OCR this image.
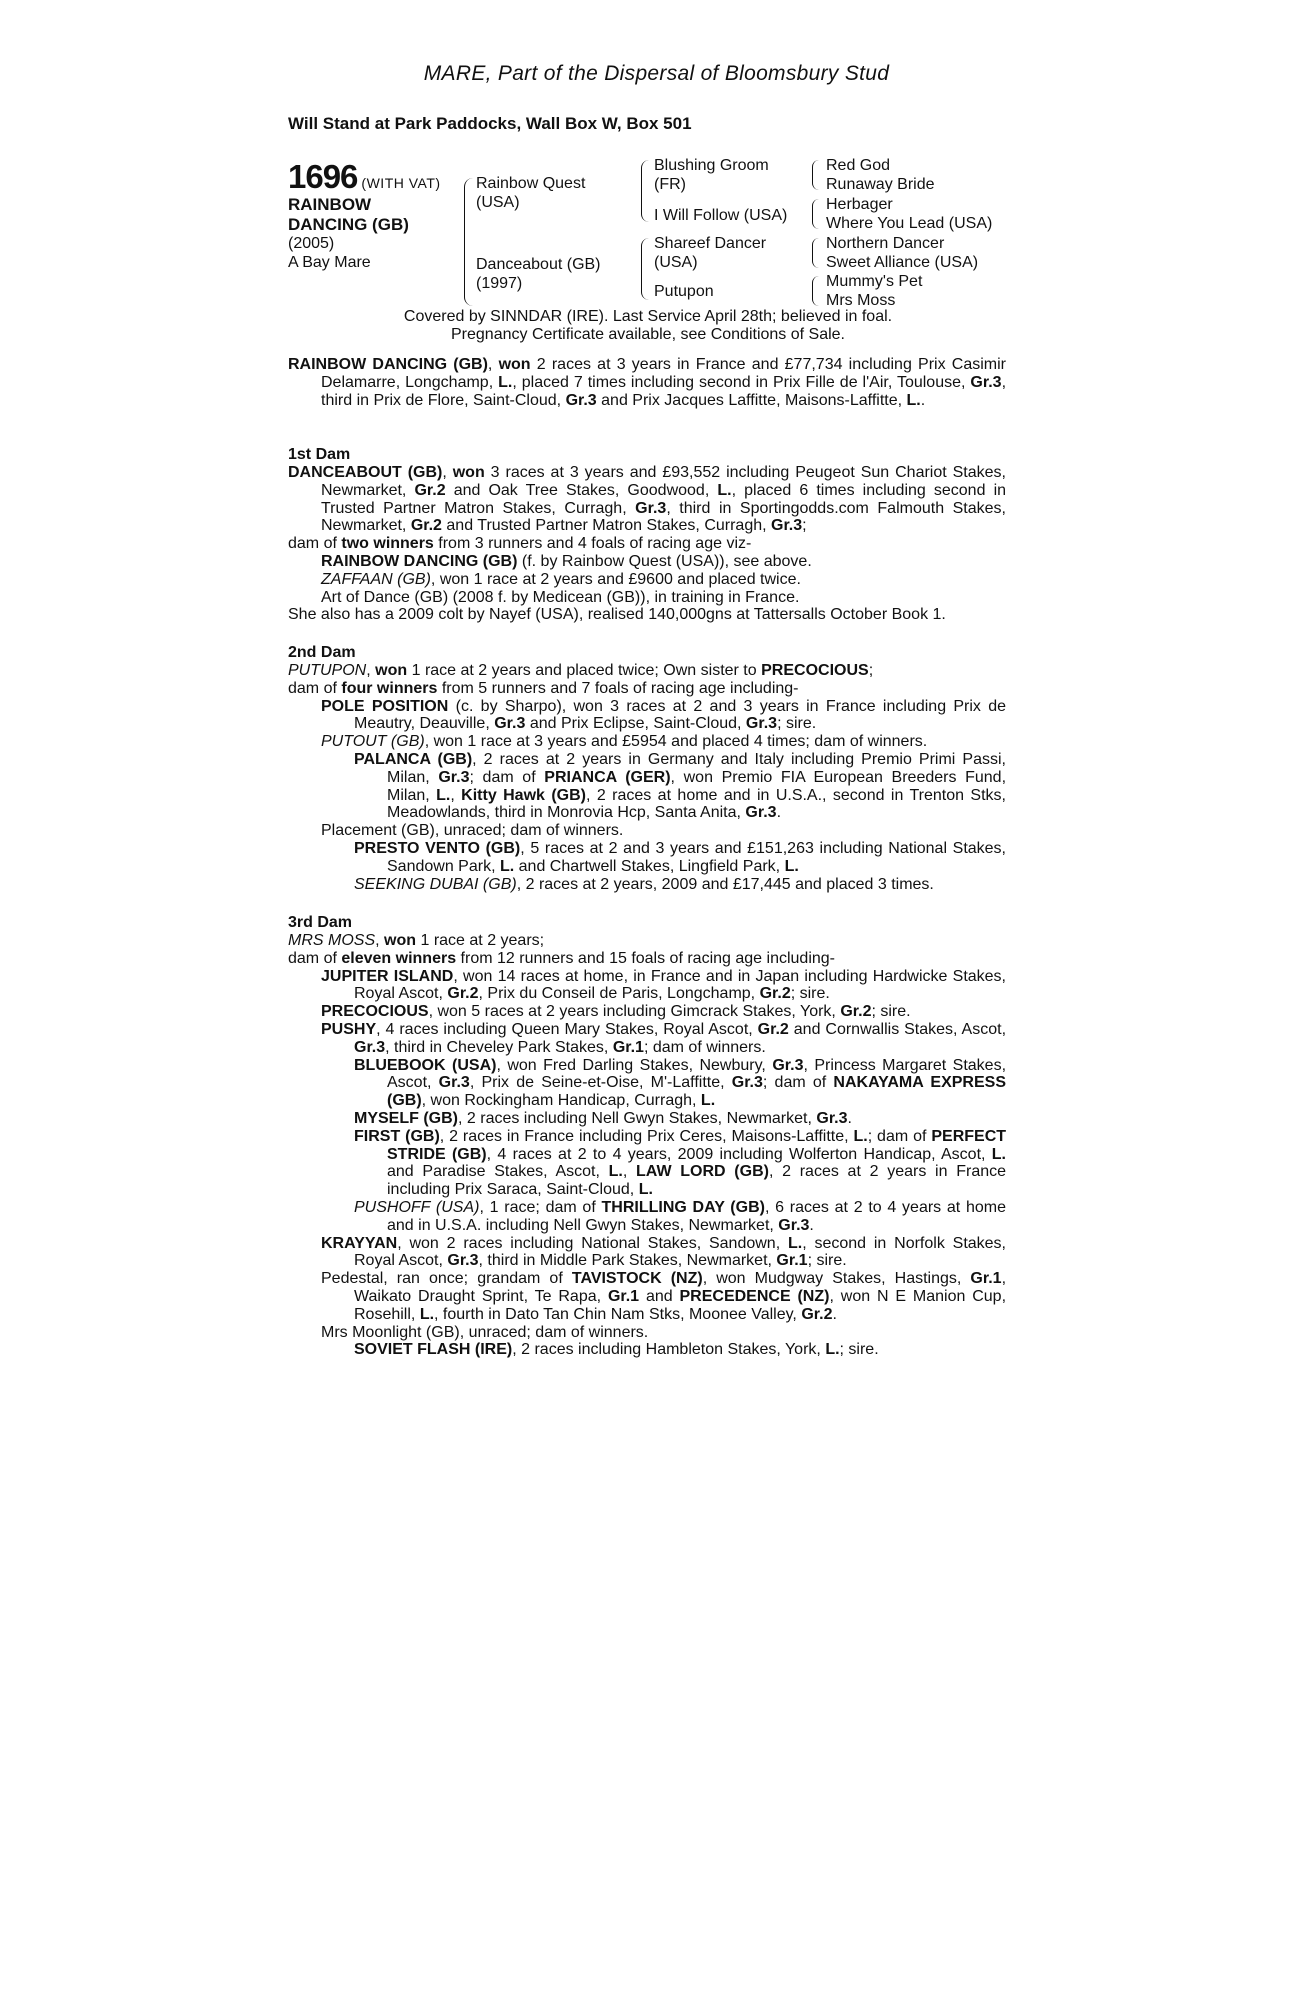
MARE, Part of the Dispersal of Bloomsbury Stud
Will Stand at Park Paddocks, Wall Box W, Box 501
1696 (WITH VAT)
RAINBOW
DANCING (GB)
(2005)
A Bay Mare
Rainbow Quest
(USA)
Danceabout (GB)
(1997)
Blushing Groom
(FR)
I Will Follow (USA)
Shareef Dancer
(USA)
Putupon
Red God
Runaway Bride
Herbager
Where You Lead (USA)
Northern Dancer
Sweet Alliance (USA)
Mummy's Pet
Mrs Moss
Covered by SINNDAR (IRE). Last Service April 28th; believed in foal.
Pregnancy Certificate available, see Conditions of Sale.
RAINBOW DANCING (GB), won 2 races at 3 years in France and £77,734 including Prix Casimir Delamarre, Longchamp, L., placed 7 times including second in Prix Fille de l'Air, Toulouse, Gr.3, third in Prix de Flore, Saint-Cloud, Gr.3 and Prix Jacques Laffitte, Maisons-Laffitte, L..
1st Dam
DANCEABOUT (GB), won 3 races at 3 years and £93,552 including Peugeot Sun Chariot Stakes, Newmarket, Gr.2 and Oak Tree Stakes, Goodwood, L., placed 6 times including second in Trusted Partner Matron Stakes, Curragh, Gr.3, third in Sportingodds.com Falmouth Stakes, Newmarket, Gr.2 and Trusted Partner Matron Stakes, Curragh, Gr.3;
dam of two winners from 3 runners and 4 foals of racing age viz-
RAINBOW DANCING (GB) (f. by Rainbow Quest (USA)), see above.
ZAFFAAN (GB), won 1 race at 2 years and £9600 and placed twice.
Art of Dance (GB) (2008 f. by Medicean (GB)), in training in France.
She also has a 2009 colt by Nayef (USA), realised 140,000gns at Tattersalls October Book 1.
2nd Dam
PUTUPON, won 1 race at 2 years and placed twice; Own sister to PRECOCIOUS;
dam of four winners from 5 runners and 7 foals of racing age including-
POLE POSITION (c. by Sharpo), won 3 races at 2 and 3 years in France including Prix de Meautry, Deauville, Gr.3 and Prix Eclipse, Saint-Cloud, Gr.3; sire.
PUTOUT (GB), won 1 race at 3 years and £5954 and placed 4 times; dam of winners.
PALANCA (GB), 2 races at 2 years in Germany and Italy including Premio Primi Passi, Milan, Gr.3; dam of PRIANCA (GER), won Premio FIA European Breeders Fund, Milan, L., Kitty Hawk (GB), 2 races at home and in U.S.A., second in Trenton Stks, Meadowlands, third in Monrovia Hcp, Santa Anita, Gr.3.
Placement (GB), unraced; dam of winners.
PRESTO VENTO (GB), 5 races at 2 and 3 years and £151,263 including National Stakes, Sandown Park, L. and Chartwell Stakes, Lingfield Park, L.
SEEKING DUBAI (GB), 2 races at 2 years, 2009 and £17,445 and placed 3 times.
3rd Dam
MRS MOSS, won 1 race at 2 years;
dam of eleven winners from 12 runners and 15 foals of racing age including-
JUPITER ISLAND, won 14 races at home, in France and in Japan including Hardwicke Stakes, Royal Ascot, Gr.2, Prix du Conseil de Paris, Longchamp, Gr.2; sire.
PRECOCIOUS, won 5 races at 2 years including Gimcrack Stakes, York, Gr.2; sire.
PUSHY, 4 races including Queen Mary Stakes, Royal Ascot, Gr.2 and Cornwallis Stakes, Ascot, Gr.3, third in Cheveley Park Stakes, Gr.1; dam of winners.
BLUEBOOK (USA), won Fred Darling Stakes, Newbury, Gr.3, Princess Margaret Stakes, Ascot, Gr.3, Prix de Seine-et-Oise, M'-Laffitte, Gr.3; dam of NAKAYAMA EXPRESS (GB), won Rockingham Handicap, Curragh, L.
MYSELF (GB), 2 races including Nell Gwyn Stakes, Newmarket, Gr.3.
FIRST (GB), 2 races in France including Prix Ceres, Maisons-Laffitte, L.; dam of PERFECT STRIDE (GB), 4 races at 2 to 4 years, 2009 including Wolferton Handicap, Ascot, L. and Paradise Stakes, Ascot, L., LAW LORD (GB), 2 races at 2 years in France including Prix Saraca, Saint-Cloud, L.
PUSHOFF (USA), 1 race; dam of THRILLING DAY (GB), 6 races at 2 to 4 years at home and in U.S.A. including Nell Gwyn Stakes, Newmarket, Gr.3.
KRAYYAN, won 2 races including National Stakes, Sandown, L., second in Norfolk Stakes, Royal Ascot, Gr.3, third in Middle Park Stakes, Newmarket, Gr.1; sire.
Pedestal, ran once; grandam of TAVISTOCK (NZ), won Mudgway Stakes, Hastings, Gr.1, Waikato Draught Sprint, Te Rapa, Gr.1 and PRECEDENCE (NZ), won N E Manion Cup, Rosehill, L., fourth in Dato Tan Chin Nam Stks, Moonee Valley, Gr.2.
Mrs Moonlight (GB), unraced; dam of winners.
SOVIET FLASH (IRE), 2 races including Hambleton Stakes, York, L.; sire.
